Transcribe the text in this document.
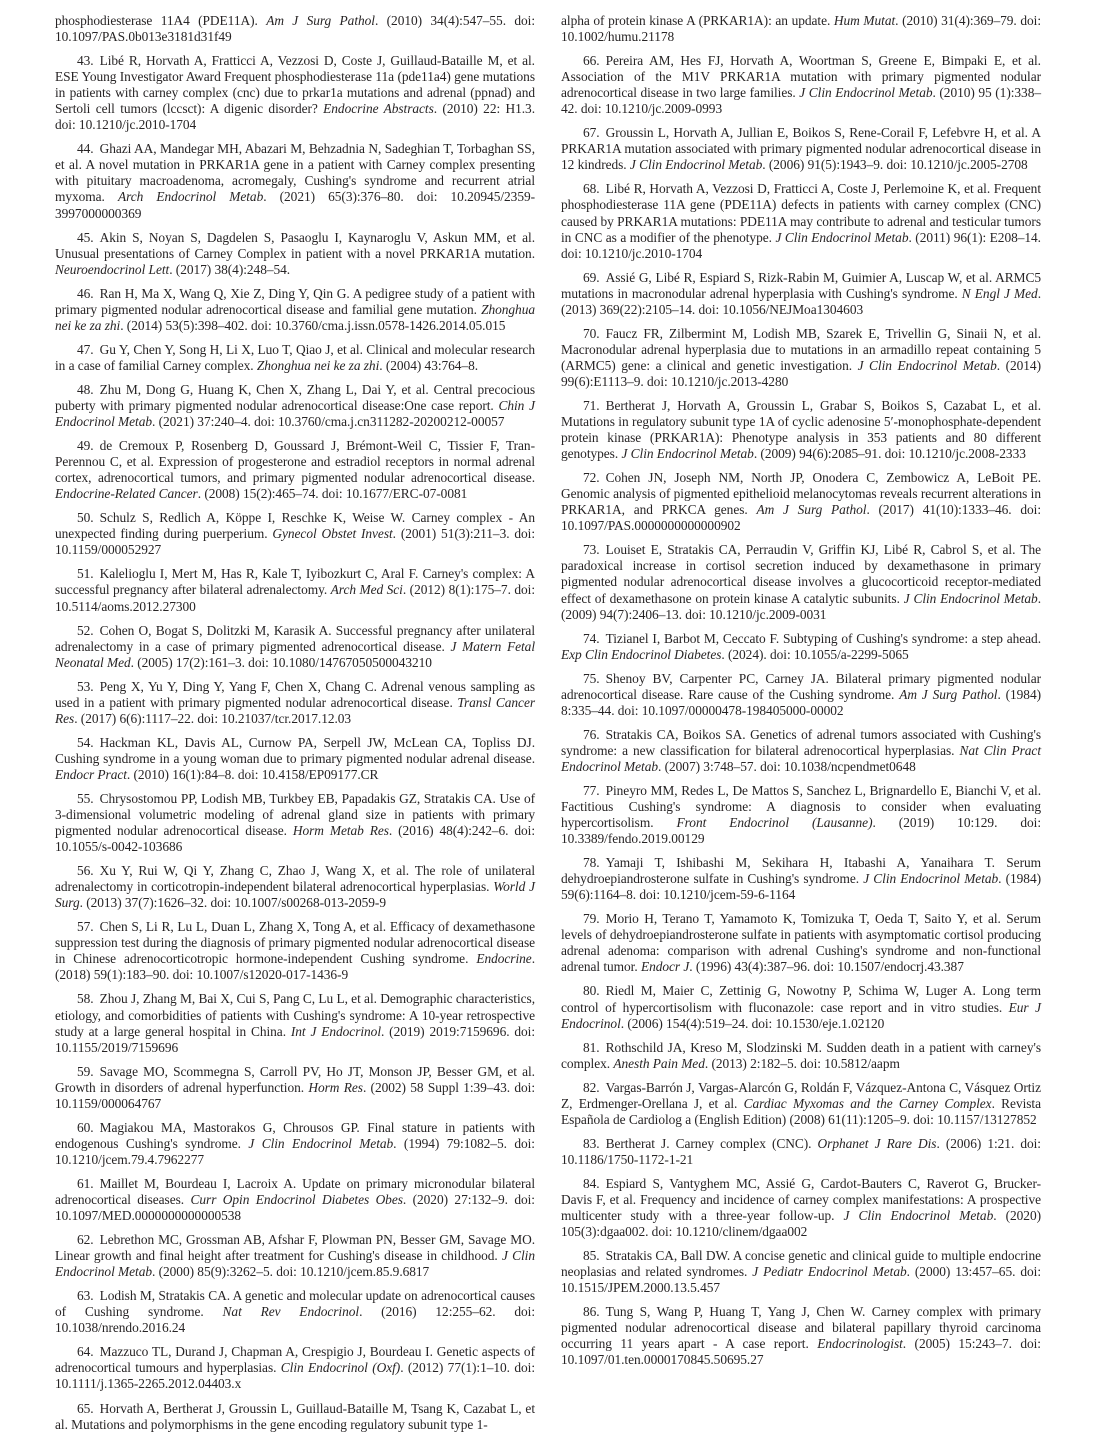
phosphodiesterase 11A4 (PDE11A). Am J Surg Pathol. (2010) 34(4):547–55. doi: 10.1097/PAS.0b013e3181d31f49

43. Libé R, Horvath A, Fratticci A, Vezzosi D, Coste J, Guillaud-Bataille M, et al. ESE Young Investigator Award Frequent phosphodiesterase 11a (pde11a4) gene mutations in patients with carney complex (cnc) due to prkar1a mutations and adrenal (ppnad) and Sertoli cell tumors (lccsct): A digenic disorder? Endocrine Abstracts. (2010) 22: H1.3. doi: 10.1210/jc.2010-1704

44. Ghazi AA, Mandegar MH, Abazari M, Behzadnia N, Sadeghian T, Torbaghan SS, et al. A novel mutation in PRKAR1A gene in a patient with Carney complex presenting with pituitary macroadenoma, acromegaly, Cushing's syndrome and recurrent atrial myxoma. Arch Endocrinol Metab. (2021) 65(3):376–80. doi: 10.20945/2359-3997000000369

45. Akin S, Noyan S, Dagdelen S, Pasaoglu I, Kaynaroglu V, Askun MM, et al. Unusual presentations of Carney Complex in patient with a novel PRKAR1A mutation. Neuroendocrinol Lett. (2017) 38(4):248–54.

46. Ran H, Ma X, Wang Q, Xie Z, Ding Y, Qin G. A pedigree study of a patient with primary pigmented nodular adrenocortical disease and familial gene mutation. Zhonghua nei ke za zhi. (2014) 53(5):398–402. doi: 10.3760/cma.j.issn.0578-1426.2014.05.015

47. Gu Y, Chen Y, Song H, Li X, Luo T, Qiao J, et al. Clinical and molecular research in a case of familial Carney complex. Zhonghua nei ke za zhi. (2004) 43:764–8.

48. Zhu M, Dong G, Huang K, Chen X, Zhang L, Dai Y, et al. Central precocious puberty with primary pigmented nodular adrenocortical disease:One case report. Chin J Endocrinol Metab. (2021) 37:240–4. doi: 10.3760/cma.j.cn311282-20200212-00057

49. de Cremoux P, Rosenberg D, Goussard J, Brémont-Weil C, Tissier F, Tran-Perennou C, et al. Expression of progesterone and estradiol receptors in normal adrenal cortex, adrenocortical tumors, and primary pigmented nodular adrenocortical disease. Endocrine-Related Cancer. (2008) 15(2):465–74. doi: 10.1677/ERC-07-0081

50. Schulz S, Redlich A, Köppe I, Reschke K, Weise W. Carney complex - An unexpected finding during puerperium. Gynecol Obstet Invest. (2001) 51(3):211–3. doi: 10.1159/000052927

51. Kalelioglu I, Mert M, Has R, Kale T, Iyibozkurt C, Aral F. Carney's complex: A successful pregnancy after bilateral adrenalectomy. Arch Med Sci. (2012) 8(1):175–7. doi: 10.5114/aoms.2012.27300

52. Cohen O, Bogat S, Dolitzki M, Karasik A. Successful pregnancy after unilateral adrenalectomy in a case of primary pigmented adrenocortical disease. J Matern Fetal Neonatal Med. (2005) 17(2):161–3. doi: 10.1080/14767050500043210

53. Peng X, Yu Y, Ding Y, Yang F, Chen X, Chang C. Adrenal venous sampling as used in a patient with primary pigmented nodular adrenocortical disease. Transl Cancer Res. (2017) 6(6):1117–22. doi: 10.21037/tcr.2017.12.03

54. Hackman KL, Davis AL, Curnow PA, Serpell JW, McLean CA, Topliss DJ. Cushing syndrome in a young woman due to primary pigmented nodular adrenal disease. Endocr Pract. (2010) 16(1):84–8. doi: 10.4158/EP09177.CR

55. Chrysostomou PP, Lodish MB, Turkbey EB, Papadakis GZ, Stratakis CA. Use of 3-dimensional volumetric modeling of adrenal gland size in patients with primary pigmented nodular adrenocortical disease. Horm Metab Res. (2016) 48(4):242–6. doi: 10.1055/s-0042-103686

56. Xu Y, Rui W, Qi Y, Zhang C, Zhao J, Wang X, et al. The role of unilateral adrenalectomy in corticotropin-independent bilateral adrenocortical hyperplasias. World J Surg. (2013) 37(7):1626–32. doi: 10.1007/s00268-013-2059-9

57. Chen S, Li R, Lu L, Duan L, Zhang X, Tong A, et al. Efficacy of dexamethasone suppression test during the diagnosis of primary pigmented nodular adrenocortical disease in Chinese adrenocorticotropic hormone-independent Cushing syndrome. Endocrine. (2018) 59(1):183–90. doi: 10.1007/s12020-017-1436-9

58. Zhou J, Zhang M, Bai X, Cui S, Pang C, Lu L, et al. Demographic characteristics, etiology, and comorbidities of patients with Cushing's syndrome: A 10-year retrospective study at a large general hospital in China. Int J Endocrinol. (2019) 2019:7159696. doi: 10.1155/2019/7159696

59. Savage MO, Scommegna S, Carroll PV, Ho JT, Monson JP, Besser GM, et al. Growth in disorders of adrenal hyperfunction. Horm Res. (2002) 58 Suppl 1:39–43. doi: 10.1159/000064767

60. Magiakou MA, Mastorakos G, Chrousos GP. Final stature in patients with endogenous Cushing's syndrome. J Clin Endocrinol Metab. (1994) 79:1082–5. doi: 10.1210/jcem.79.4.7962277

61. Maillet M, Bourdeau I, Lacroix A. Update on primary micronodular bilateral adrenocortical diseases. Curr Opin Endocrinol Diabetes Obes. (2020) 27:132–9. doi: 10.1097/MED.0000000000000538

62. Lebrethon MC, Grossman AB, Afshar F, Plowman PN, Besser GM, Savage MO. Linear growth and final height after treatment for Cushing's disease in childhood. J Clin Endocrinol Metab. (2000) 85(9):3262–5. doi: 10.1210/jcem.85.9.6817

63. Lodish M, Stratakis CA. A genetic and molecular update on adrenocortical causes of Cushing syndrome. Nat Rev Endocrinol. (2016) 12:255–62. doi: 10.1038/nrendo.2016.24

64. Mazzuco TL, Durand J, Chapman A, Crespigio J, Bourdeau I. Genetic aspects of adrenocortical tumours and hyperplasias. Clin Endocrinol (Oxf). (2012) 77(1):1–10. doi: 10.1111/j.1365-2265.2012.04403.x

65. Horvath A, Bertherat J, Groussin L, Guillaud-Bataille M, Tsang K, Cazabat L, et al. Mutations and polymorphisms in the gene encoding regulatory subunit type 1-

alpha of protein kinase A (PRKAR1A): an update. Hum Mutat. (2010) 31(4):369–79. doi: 10.1002/humu.21178

66. Pereira AM, Hes FJ, Horvath A, Woortman S, Greene E, Bimpaki E, et al. Association of the M1V PRKAR1A mutation with primary pigmented nodular adrenocortical disease in two large families. J Clin Endocrinol Metab. (2010) 95 (1):338–42. doi: 10.1210/jc.2009-0993

67. Groussin L, Horvath A, Jullian E, Boikos S, Rene-Corail F, Lefebvre H, et al. A PRKAR1A mutation associated with primary pigmented nodular adrenocortical disease in 12 kindreds. J Clin Endocrinol Metab. (2006) 91(5):1943–9. doi: 10.1210/jc.2005-2708

68. Libé R, Horvath A, Vezzosi D, Fratticci A, Coste J, Perlemoine K, et al. Frequent phosphodiesterase 11A gene (PDE11A) defects in patients with carney complex (CNC) caused by PRKAR1A mutations: PDE11A may contribute to adrenal and testicular tumors in CNC as a modifier of the phenotype. J Clin Endocrinol Metab. (2011) 96(1): E208–14. doi: 10.1210/jc.2010-1704

69. Assié G, Libé R, Espiard S, Rizk-Rabin M, Guimier A, Luscap W, et al. ARMC5 mutations in macronodular adrenal hyperplasia with Cushing's syndrome. N Engl J Med. (2013) 369(22):2105–14. doi: 10.1056/NEJMoa1304603

70. Faucz FR, Zilbermint M, Lodish MB, Szarek E, Trivellin G, Sinaii N, et al. Macronodular adrenal hyperplasia due to mutations in an armadillo repeat containing 5 (ARMC5) gene: a clinical and genetic investigation. J Clin Endocrinol Metab. (2014) 99(6):E1113–9. doi: 10.1210/jc.2013-4280

71. Bertherat J, Horvath A, Groussin L, Grabar S, Boikos S, Cazabat L, et al. Mutations in regulatory subunit type 1A of cyclic adenosine 5′-monophosphate-dependent protein kinase (PRKAR1A): Phenotype analysis in 353 patients and 80 different genotypes. J Clin Endocrinol Metab. (2009) 94(6):2085–91. doi: 10.1210/jc.2008-2333

72. Cohen JN, Joseph NM, North JP, Onodera C, Zembowicz A, LeBoit PE. Genomic analysis of pigmented epithelioid melanocytomas reveals recurrent alterations in PRKAR1A, and PRKCA genes. Am J Surg Pathol. (2017) 41(10):1333–46. doi: 10.1097/PAS.0000000000000902

73. Louiset E, Stratakis CA, Perraudin V, Griffin KJ, Libé R, Cabrol S, et al. The paradoxical increase in cortisol secretion induced by dexamethasone in primary pigmented nodular adrenocortical disease involves a glucocorticoid receptor-mediated effect of dexamethasone on protein kinase A catalytic subunits. J Clin Endocrinol Metab. (2009) 94(7):2406–13. doi: 10.1210/jc.2009-0031

74. Tizianel I, Barbot M, Ceccato F. Subtyping of Cushing's syndrome: a step ahead. Exp Clin Endocrinol Diabetes. (2024). doi: 10.1055/a-2299-5065

75. Shenoy BV, Carpenter PC, Carney JA. Bilateral primary pigmented nodular adrenocortical disease. Rare cause of the Cushing syndrome. Am J Surg Pathol. (1984) 8:335–44. doi: 10.1097/00000478-198405000-00002

76. Stratakis CA, Boikos SA. Genetics of adrenal tumors associated with Cushing's syndrome: a new classification for bilateral adrenocortical hyperplasias. Nat Clin Pract Endocrinol Metab. (2007) 3:748–57. doi: 10.1038/ncpendmet0648

77. Pineyro MM, Redes L, De Mattos S, Sanchez L, Brignardello E, Bianchi V, et al. Factitious Cushing's syndrome: A diagnosis to consider when evaluating hypercortisolism. Front Endocrinol (Lausanne). (2019) 10:129. doi: 10.3389/fendo.2019.00129

78. Yamaji T, Ishibashi M, Sekihara H, Itabashi A, Yanaihara T. Serum dehydroepiandrosterone sulfate in Cushing's syndrome. J Clin Endocrinol Metab. (1984) 59(6):1164–8. doi: 10.1210/jcem-59-6-1164

79. Morio H, Terano T, Yamamoto K, Tomizuka T, Oeda T, Saito Y, et al. Serum levels of dehydroepiandrosterone sulfate in patients with asymptomatic cortisol producing adrenal adenoma: comparison with adrenal Cushing's syndrome and non-functional adrenal tumor. Endocr J. (1996) 43(4):387–96. doi: 10.1507/endocrj.43.387

80. Riedl M, Maier C, Zettinig G, Nowotny P, Schima W, Luger A. Long term control of hypercortisolism with fluconazole: case report and in vitro studies. Eur J Endocrinol. (2006) 154(4):519–24. doi: 10.1530/eje.1.02120

81. Rothschild JA, Kreso M, Slodzinski M. Sudden death in a patient with carney's complex. Anesth Pain Med. (2013) 2:182–5. doi: 10.5812/aapm

82. Vargas-Barrón J, Vargas-Alarcón G, Roldán F, Vázquez-Antona C, Vásquez Ortiz Z, Erdmenger-Orellana J, et al. Cardiac Myxomas and the Carney Complex. Revista Española de Cardiolog a (English Edition) (2008) 61(11):1205–9. doi: 10.1157/13127852

83. Bertherat J. Carney complex (CNC). Orphanet J Rare Dis. (2006) 1:21. doi: 10.1186/1750-1172-1-21

84. Espiard S, Vantyghem MC, Assié G, Cardot-Bauters C, Raverot G, Brucker-Davis F, et al. Frequency and incidence of carney complex manifestations: A prospective multicenter study with a three-year follow-up. J Clin Endocrinol Metab. (2020) 105(3):dgaa002. doi: 10.1210/clinem/dgaa002

85. Stratakis CA, Ball DW. A concise genetic and clinical guide to multiple endocrine neoplasias and related syndromes. J Pediatr Endocrinol Metab. (2000) 13:457–65. doi: 10.1515/JPEM.2000.13.5.457

86. Tung S, Wang P, Huang T, Yang J, Chen W. Carney complex with primary pigmented nodular adrenocortical disease and bilateral papillary thyroid carcinoma occurring 11 years apart - A case report. Endocrinologist. (2005) 15:243–7. doi: 10.1097/01.ten.0000170845.50695.27
